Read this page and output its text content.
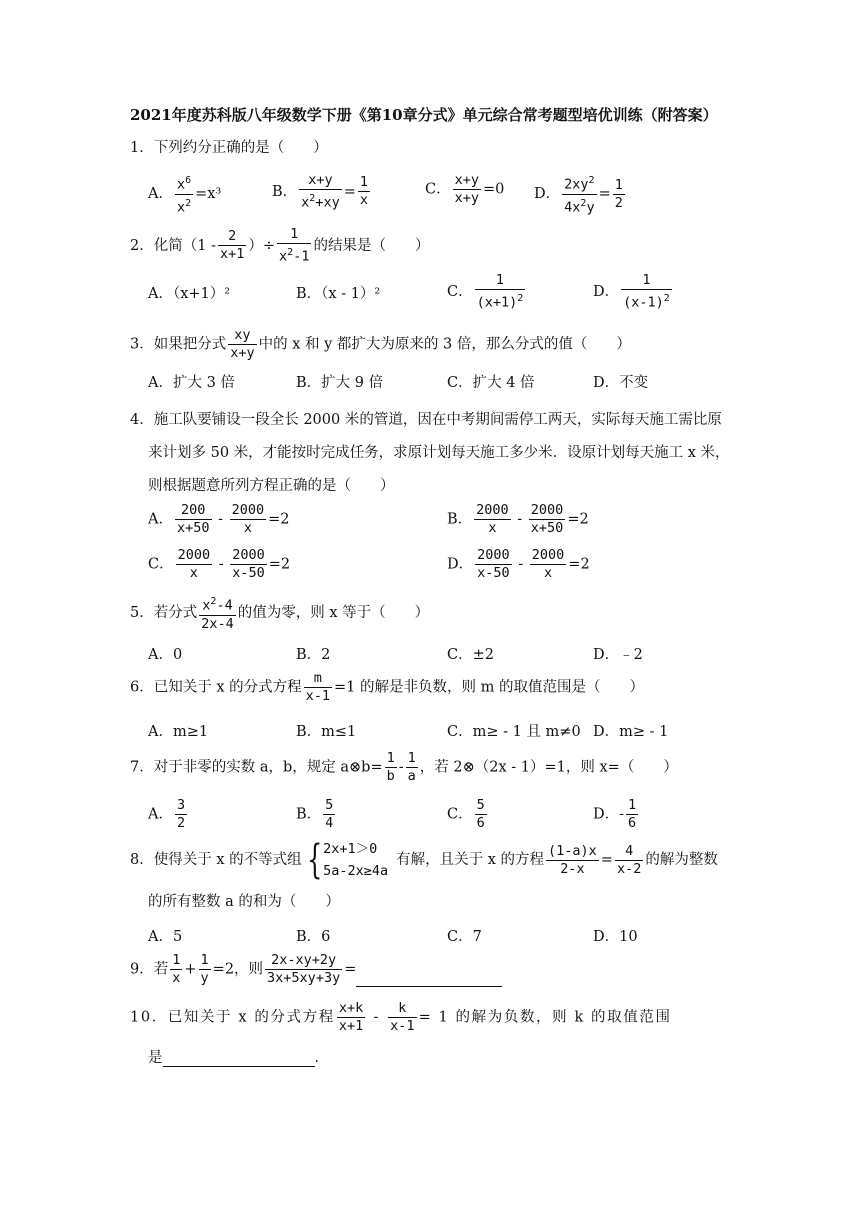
2021年度苏科版八年级数学下册《第10章分式》单元综合常考题型培优训练（附答案）
1．下列约分正确的是（　　）
A． $\frac{x^6}{x^2} =x^3$	B． $\frac{x+y}{x^2+xy} = \frac{1}{x}$	C． $\frac{x+y}{x+y} =0$ D． $\frac{2xy^2}{4x^2y} = \frac{1}{2}$
2．化简（$1 - \frac{2}{x+1}$ ）÷ $\frac{1}{x^2-1}$ 的结果是（　　）
A．（x+1）²	B．（x - 1）²	C． $\frac{1}{(x+1)^2}$	D． $\frac{1}{(x-1)^2}$
3．如果把分式 $\frac{xy}{x+y}$ 中的 x 和 y 都扩大为原来的 3 倍，那么分式的值（　　）
A．扩大 3 倍	B．扩大 9 倍	C．扩大 4 倍	D．不变
4．施工队要铺设一段全长 2000 米的管道，因在中考期间需停工两天，实际每天施工需比原
来计划多 50 米，才能按时完成任务，求原计划每天施工多少米．设原计划每天施工 x 米，
则根据题意所列方程正确的是（　　）
A． $\frac{200}{x+50} - \frac{2000}{x} =2$	B． $\frac{2000}{x} - \frac{2000}{x+50} =2$
C． $\frac{2000}{x} - \frac{2000}{x-50} =2$	D． $\frac{2000}{x-50} - \frac{2000}{x} =2$
5．若分式 $\frac{x^2-4}{2x-4}$ 的值为零，则 x 等于（　　）
A．0	B．2	C．±2	D．﹣2
6．已知关于 x 的分式方程 $\frac{m}{x-1} =1$ 的解是非负数，则 m 的取值范围是（　　）
A．m≥1	B．m≤1	C．m≥ - 1 且 m≠0 D．m≥ - 1
7．对于非零的实数 a，b，规定 a⊗b= $\frac{1}{b} - \frac{1}{a}$ ，若 2⊗（2x - 1）=1，则 x=（　　）
A． $\frac{3}{2}$	B． $\frac{5}{4}$	C． $\frac{5}{6}$	D．- $\frac{1}{6}$
8．使得关于 x 的不等式组 { 2x+1＞0
5a-2x≥4a
有解，且关于 x 的方程 $\frac{(1-a)x}{2-x} = \frac{4}{x-2}$ 的解为整数
的所有整数 a 的和为（　　）
A．5	B．6	C．7	D．10
9．若 $\frac{1}{x} + \frac{1}{y} =2$，则 $\frac{2x-xy+2y}{3x+5xy+3y}$ =
10．已知关于 x 的分式方程 $\frac{x+k}{x+1} - \frac{k}{x-1} = 1$ 的解为负数，则 k 的取值范围
是	．
